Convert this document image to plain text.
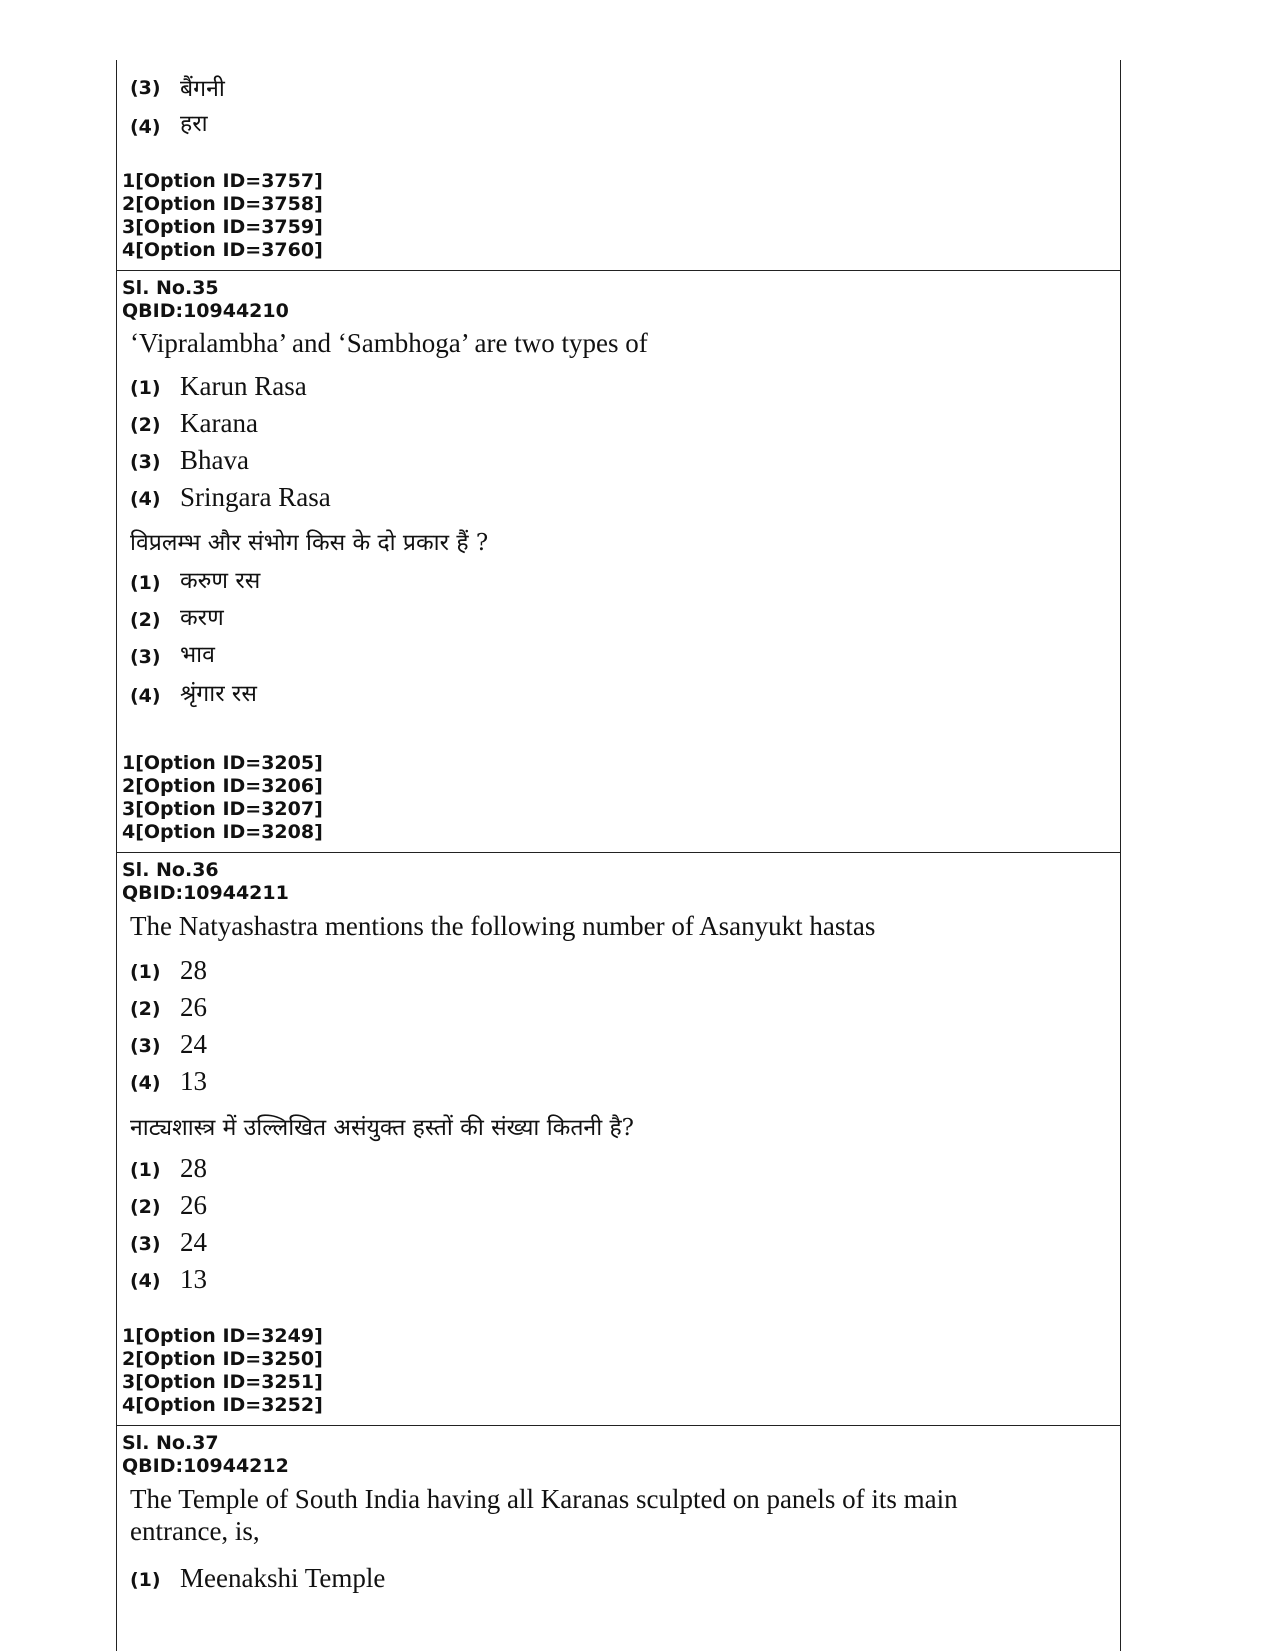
(3) बैंगनी
(4) हरा
1[Option ID=3757]
2[Option ID=3758]
3[Option ID=3759]
4[Option ID=3760]
Sl. No.35
QBID:10944210
‘Vipralambha’ and ‘Sambhoga’ are two types of
(1) Karun Rasa
(2) Karana
(3) Bhava
(4) Sringara Rasa
विप्रलम्भ और संभोग किस के दो प्रकार हैं ?
(1) करुण रस
(2) करण
(3) भाव
(4) श्रृंगार रस
1[Option ID=3205]
2[Option ID=3206]
3[Option ID=3207]
4[Option ID=3208]
Sl. No.36
QBID:10944211
The Natyashastra mentions the following number of Asanyukt hastas
(1) 28
(2) 26
(3) 24
(4) 13
नाट्यशास्त्र में उल्लिखित असंयुक्त हस्तों की संख्या कितनी है?
(1) 28
(2) 26
(3) 24
(4) 13
1[Option ID=3249]
2[Option ID=3250]
3[Option ID=3251]
4[Option ID=3252]
Sl. No.37
QBID:10944212
The Temple of South India having all Karanas sculpted on panels of its main
entrance, is,
(1) Meenakshi Temple
